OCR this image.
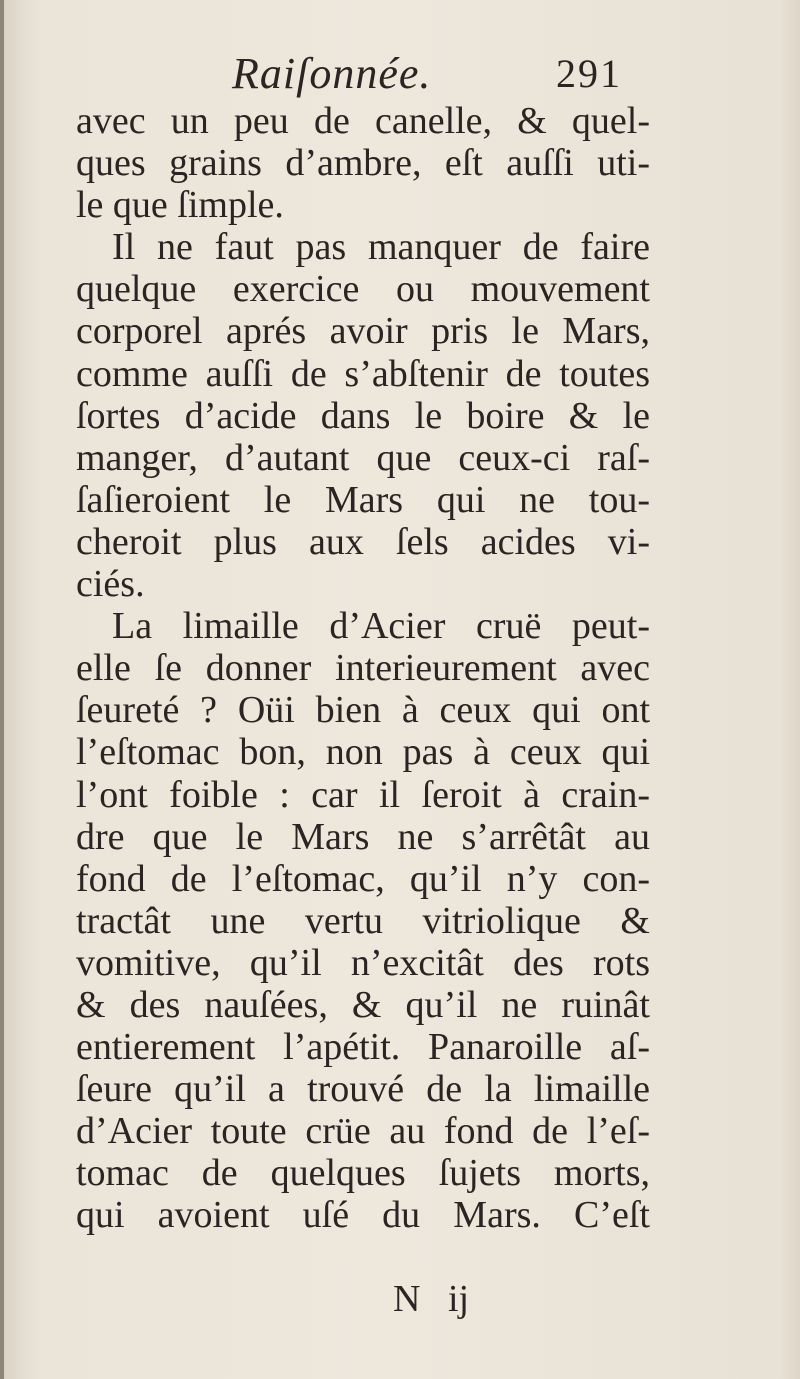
Raiſonnée.	291
avec un peu de canelle, & quel-
ques grains d’ambre, eſt auſſi uti-
le que ſimple.
Il ne faut pas manquer de faire
quelque exercice ou mouvement
corporel aprés avoir pris le Mars,
comme auſſi de s’abſtenir de toutes
ſortes d’acide dans le boire & le
manger, d’autant que ceux-ci raſ-
ſaſieroient le Mars qui ne tou-
cheroit plus aux ſels acides vi-
ciés.
La limaille d’Acier cruë peut-
elle ſe donner interieurement avec
ſeureté ? Oüi bien à ceux qui ont
l’eſtomac bon, non pas à ceux qui
l’ont foible : car il ſeroit à crain-
dre que le Mars ne s’arrêtât au
fond de l’eſtomac, qu’il n’y con-
tractât une vertu vitriolique &
vomitive, qu’il n’excitât des rots
& des nauſées, & qu’il ne ruinât
entierement l’apétit. Panaroille aſ-
ſeure qu’il a trouvé de la limaille
d’Acier toute crüe au fond de l’eſ-
tomac de quelques ſujets morts,
qui avoient uſé du Mars. C’eſt
N ij
